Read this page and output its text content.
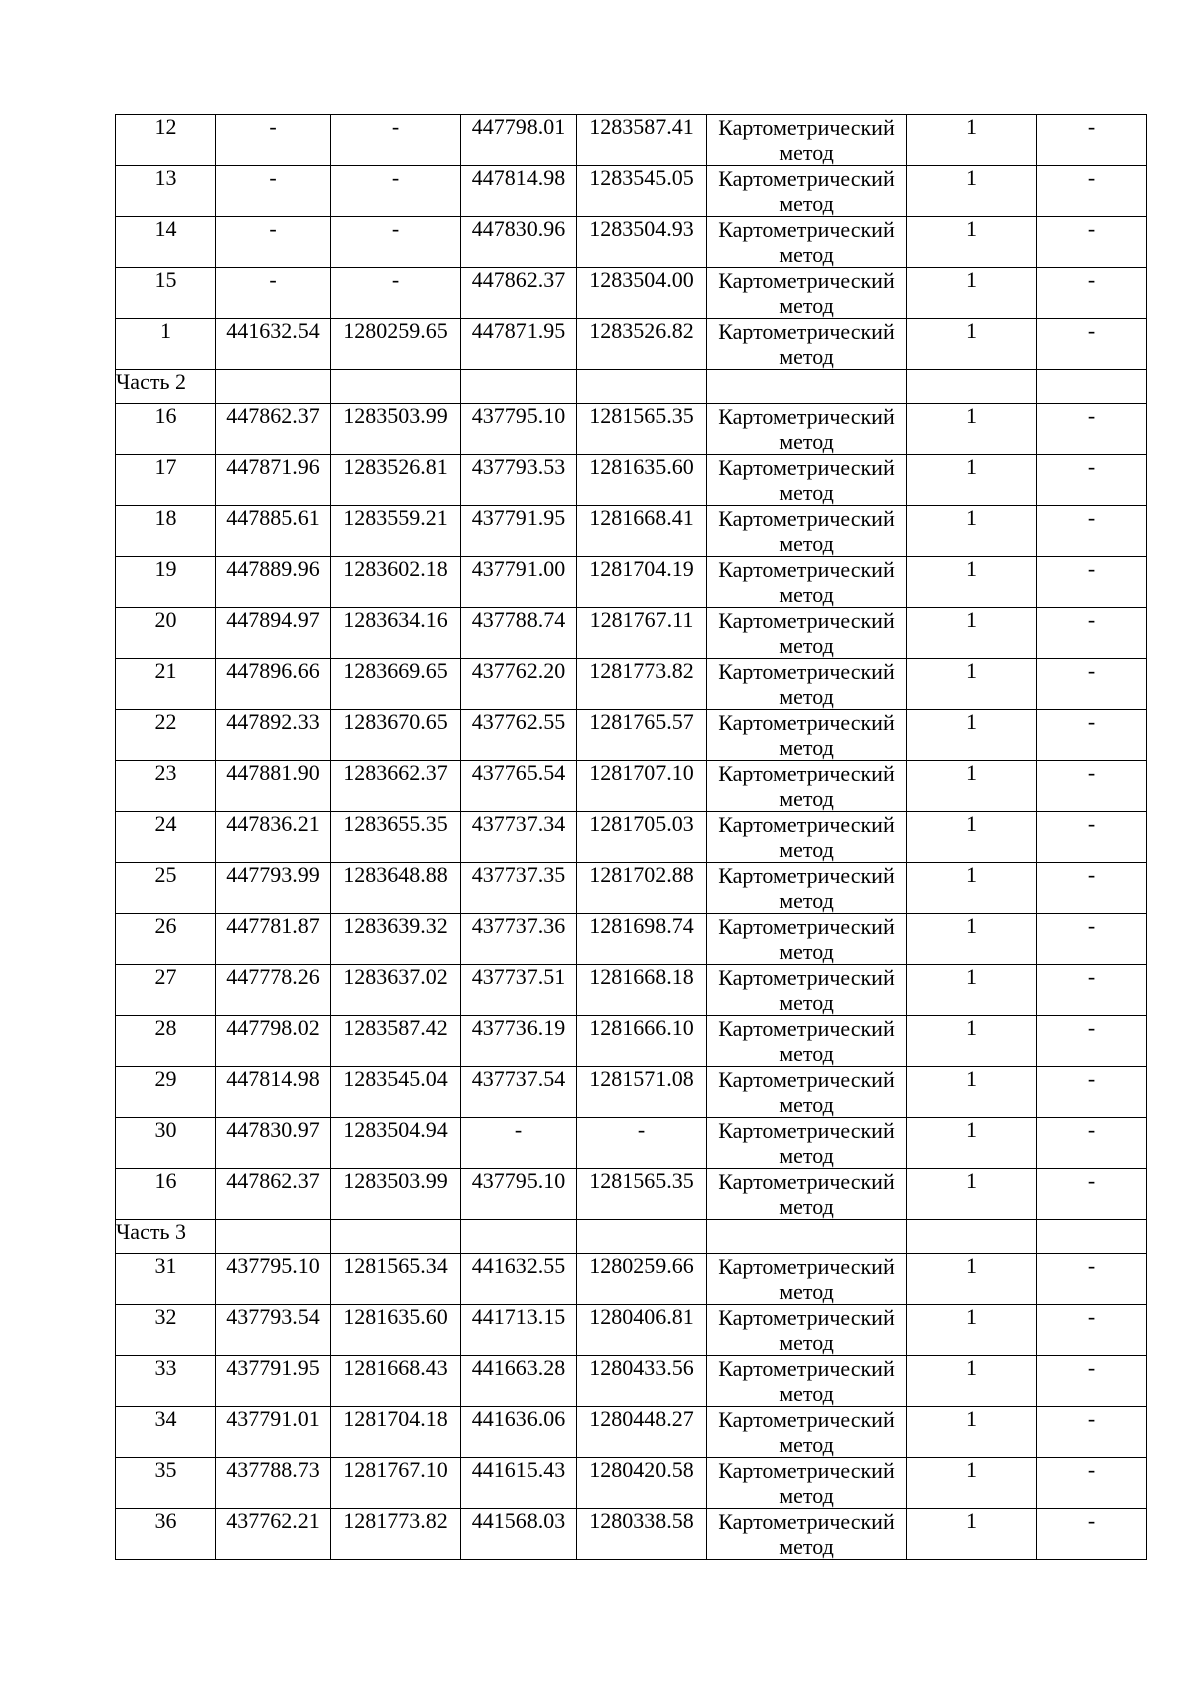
12	-	-	447798.01	1283587.41	Картометрический
метод	1	-
13	-	-	447814.98	1283545.05	Картометрический
метод	1	-
14	-	-	447830.96	1283504.93	Картометрический
метод	1	-
15	-	-	447862.37	1283504.00	Картометрический
метод	1	-
1	441632.54	1280259.65	447871.95	1283526.82	Картометрический
метод	1	-
Часть 2							
16	447862.37	1283503.99	437795.10	1281565.35	Картометрический
метод	1	-
17	447871.96	1283526.81	437793.53	1281635.60	Картометрический
метод	1	-
18	447885.61	1283559.21	437791.95	1281668.41	Картометрический
метод	1	-
19	447889.96	1283602.18	437791.00	1281704.19	Картометрический
метод	1	-
20	447894.97	1283634.16	437788.74	1281767.11	Картометрический
метод	1	-
21	447896.66	1283669.65	437762.20	1281773.82	Картометрический
метод	1	-
22	447892.33	1283670.65	437762.55	1281765.57	Картометрический
метод	1	-
23	447881.90	1283662.37	437765.54	1281707.10	Картометрический
метод	1	-
24	447836.21	1283655.35	437737.34	1281705.03	Картометрический
метод	1	-
25	447793.99	1283648.88	437737.35	1281702.88	Картометрический
метод	1	-
26	447781.87	1283639.32	437737.36	1281698.74	Картометрический
метод	1	-
27	447778.26	1283637.02	437737.51	1281668.18	Картометрический
метод	1	-
28	447798.02	1283587.42	437736.19	1281666.10	Картометрический
метод	1	-
29	447814.98	1283545.04	437737.54	1281571.08	Картометрический
метод	1	-
30	447830.97	1283504.94	-	-	Картометрический
метод	1	-
16	447862.37	1283503.99	437795.10	1281565.35	Картометрический
метод	1	-
Часть 3							
31	437795.10	1281565.34	441632.55	1280259.66	Картометрический
метод	1	-
32	437793.54	1281635.60	441713.15	1280406.81	Картометрический
метод	1	-
33	437791.95	1281668.43	441663.28	1280433.56	Картометрический
метод	1	-
34	437791.01	1281704.18	441636.06	1280448.27	Картометрический
метод	1	-
35	437788.73	1281767.10	441615.43	1280420.58	Картометрический
метод	1	-
36	437762.21	1281773.82	441568.03	1280338.58	Картометрический
метод	1	-
